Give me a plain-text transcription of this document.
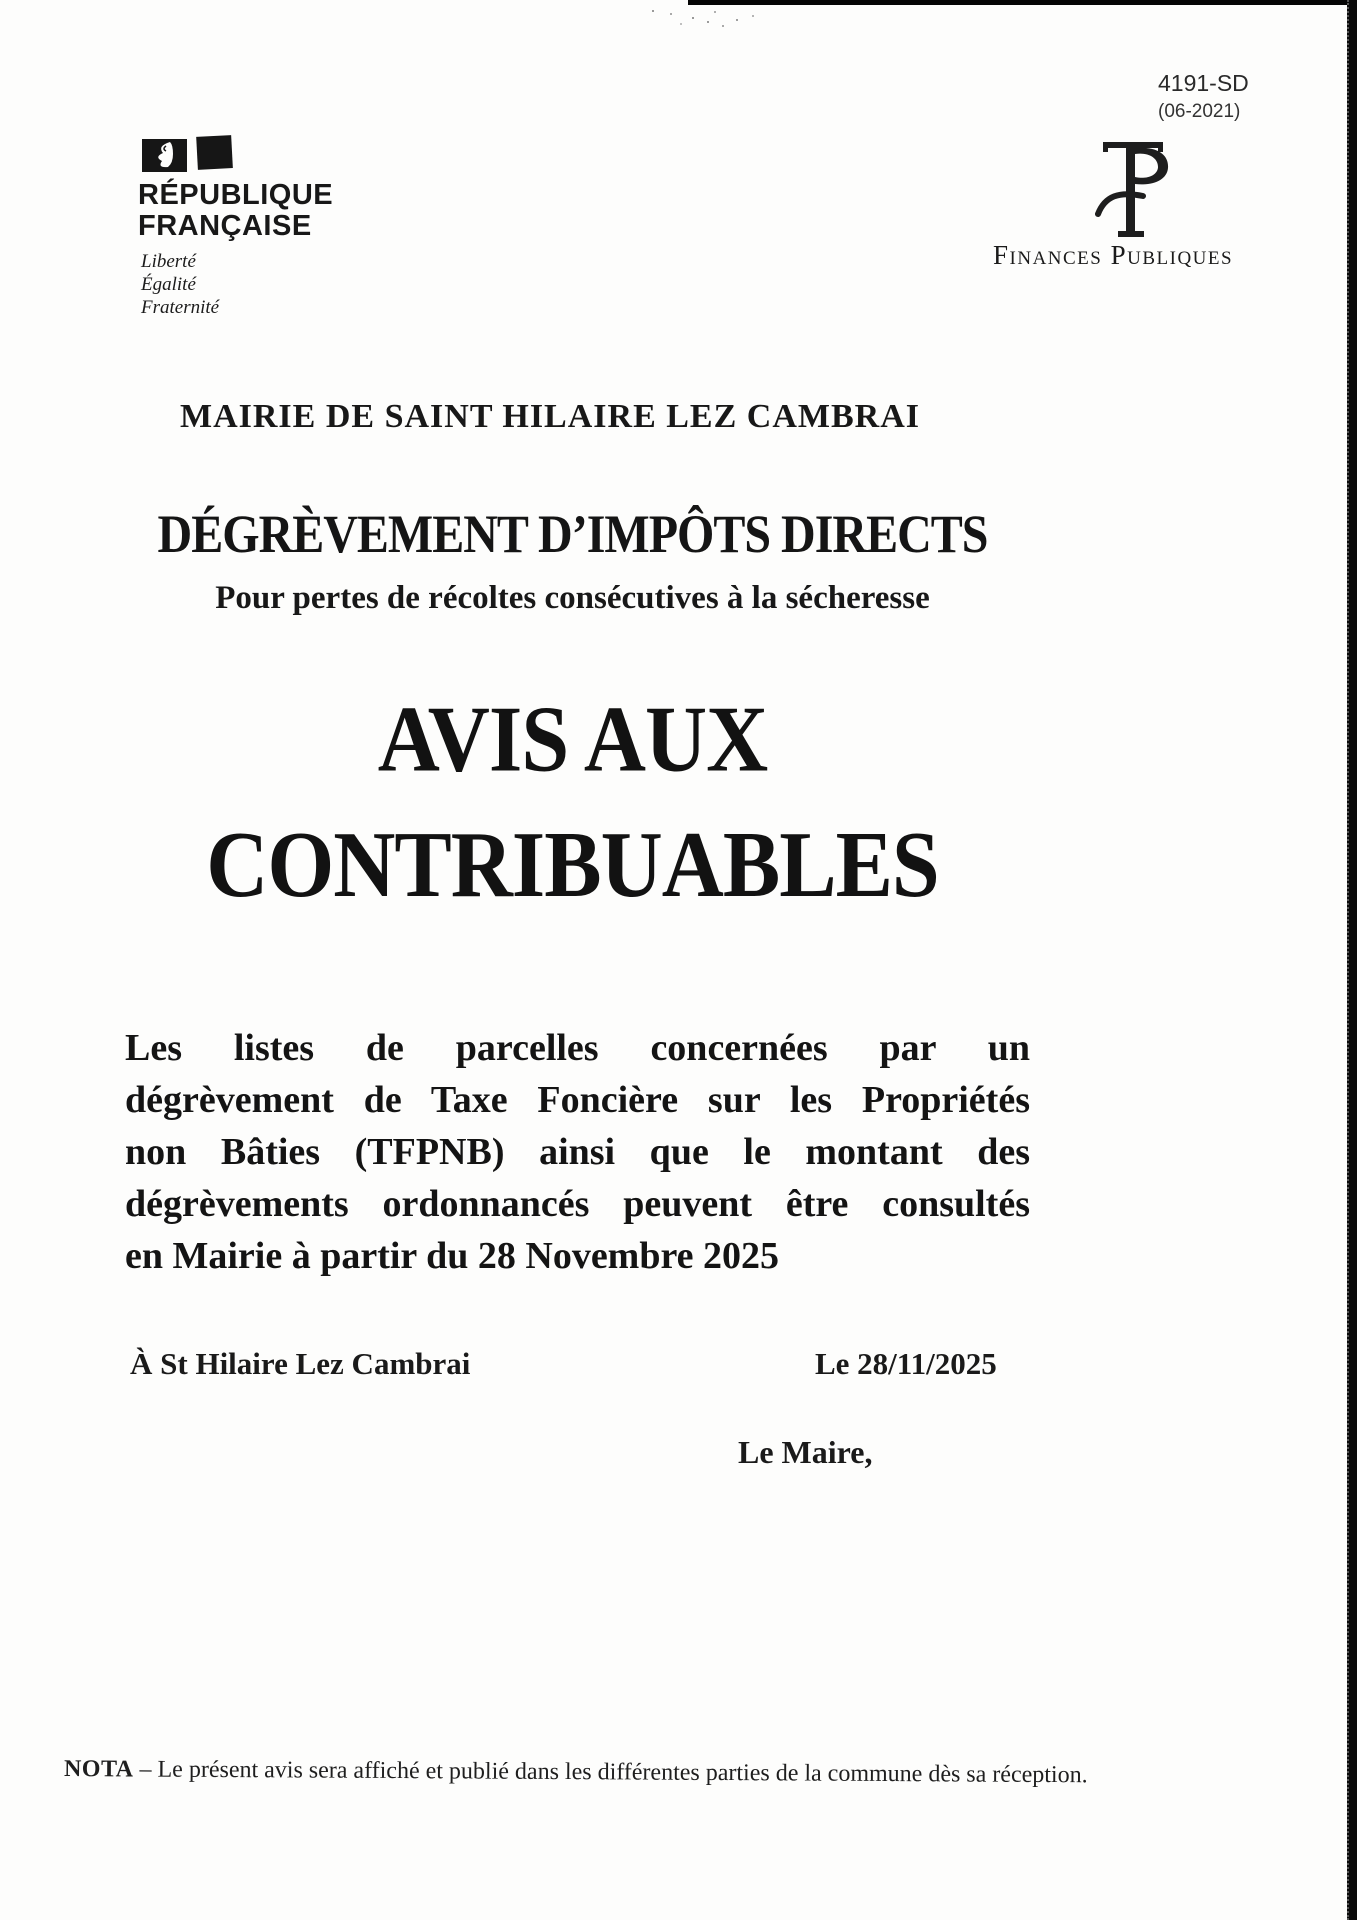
RÉPUBLIQUE
FRANÇAISE
Liberté
Égalité
Fraternité
4191-SD
(06-2021)
Finances Publiques
MAIRIE DE SAINT HILAIRE LEZ CAMBRAI
DÉGRÈVEMENT D’IMPÔTS DIRECTS
Pour pertes de récoltes consécutives à la sécheresse
AVIS AUX
CONTRIBUABLES
Les listes de parcelles concernées par un
dégrèvement de Taxe Foncière sur les Propriétés
non Bâties (TFPNB) ainsi que le montant des
dégrèvements ordonnancés peuvent être consultés
en Mairie à partir du 28 Novembre 2025
À St Hilaire Lez Cambrai	Le 28/11/2025
Le Maire,
NOTA – Le présent avis sera affiché et publié dans les différentes parties de la commune dès sa réception.
